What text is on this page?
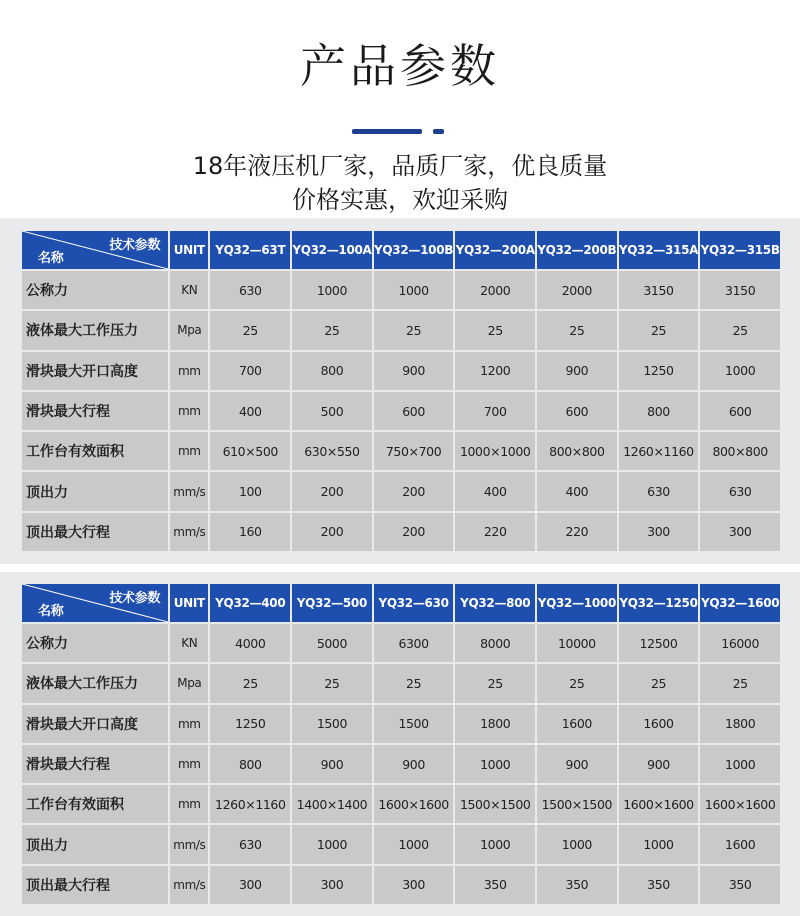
产品参数
18年液压机厂家，品质厂家，优良质量
价格实惠，欢迎采购
技术参数
名称	UNIT	YQ32—63T	YQ32—100A	YQ32—100B	YQ32—200A	YQ32—200B	YQ32—315A	YQ32—315B
公称力	KN	630	1000	1000	2000	2000	3150	3150
液体最大工作压力	Mpa	25	25	25	25	25	25	25
滑块最大开口高度	mm	700	800	900	1200	900	1250	1000
滑块最大行程	mm	400	500	600	700	600	800	600
工作台有效面积	mm	610×500	630×550	750×700	1000×1000	800×800	1260×1160	800×800
顶出力	mm/s	100	200	200	400	400	630	630
顶出最大行程	mm/s	160	200	200	220	220	300	300
技术参数
名称	UNIT	YQ32—400	YQ32—500	YQ32—630	YQ32—800	YQ32—1000	YQ32—1250	YQ32—1600
公称力	KN	4000	5000	6300	8000	10000	12500	16000
液体最大工作压力	Mpa	25	25	25	25	25	25	25
滑块最大开口高度	mm	1250	1500	1500	1800	1600	1600	1800
滑块最大行程	mm	800	900	900	1000	900	900	1000
工作台有效面积	mm	1260×1160	1400×1400	1600×1600	1500×1500	1500×1500	1600×1600	1600×1600
顶出力	mm/s	630	1000	1000	1000	1000	1000	1600
顶出最大行程	mm/s	300	300	300	350	350	350	350
